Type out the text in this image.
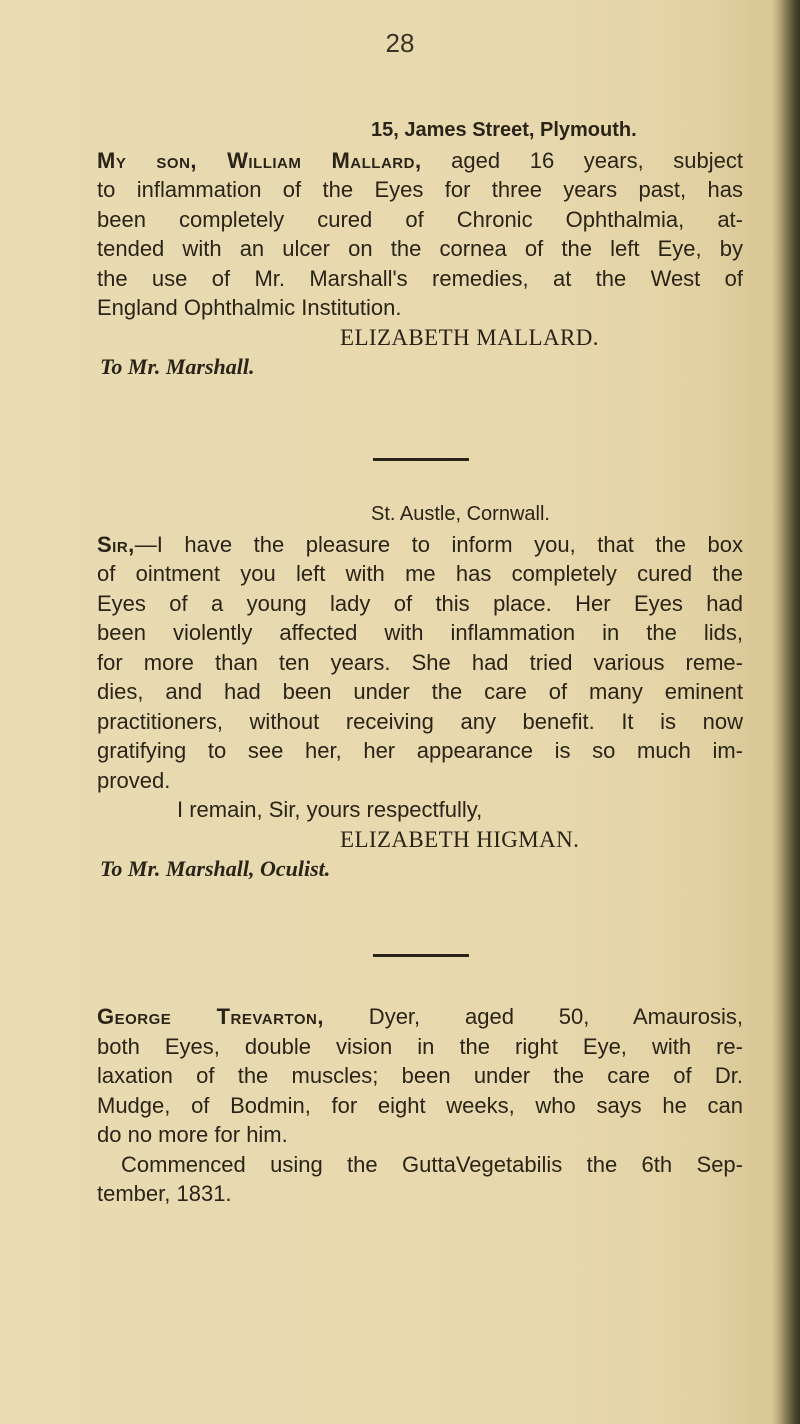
28
15, James Street, Plymouth.
My son, William Mallard, aged 16 years, subject
to inflammation of the Eyes for three years past, has
been completely cured of Chronic Ophthalmia, at-
tended with an ulcer on the cornea of the left Eye, by
the use of Mr. Marshall's remedies, at the West of
England Ophthalmic Institution.
ELIZABETH MALLARD.
To Mr. Marshall.
St. Austle, Cornwall.
Sir,—I have the pleasure to inform you, that the box
of ointment you left with me has completely cured the
Eyes of a young lady of this place. Her Eyes had
been violently affected with inflammation in the lids,
for more than ten years. She had tried various reme-
dies, and had been under the care of many eminent
practitioners, without receiving any benefit. It is now
gratifying to see her, her appearance is so much im-
proved.
I remain, Sir, yours respectfully,
ELIZABETH HIGMAN.
To Mr. Marshall, Oculist.
George Trevarton, Dyer, aged 50, Amaurosis,
both Eyes, double vision in the right Eye, with re-
laxation of the muscles; been under the care of Dr.
Mudge, of Bodmin, for eight weeks, who says he can
do no more for him.
Commenced using the GuttaVegetabilis the 6th Sep-
tember, 1831.
